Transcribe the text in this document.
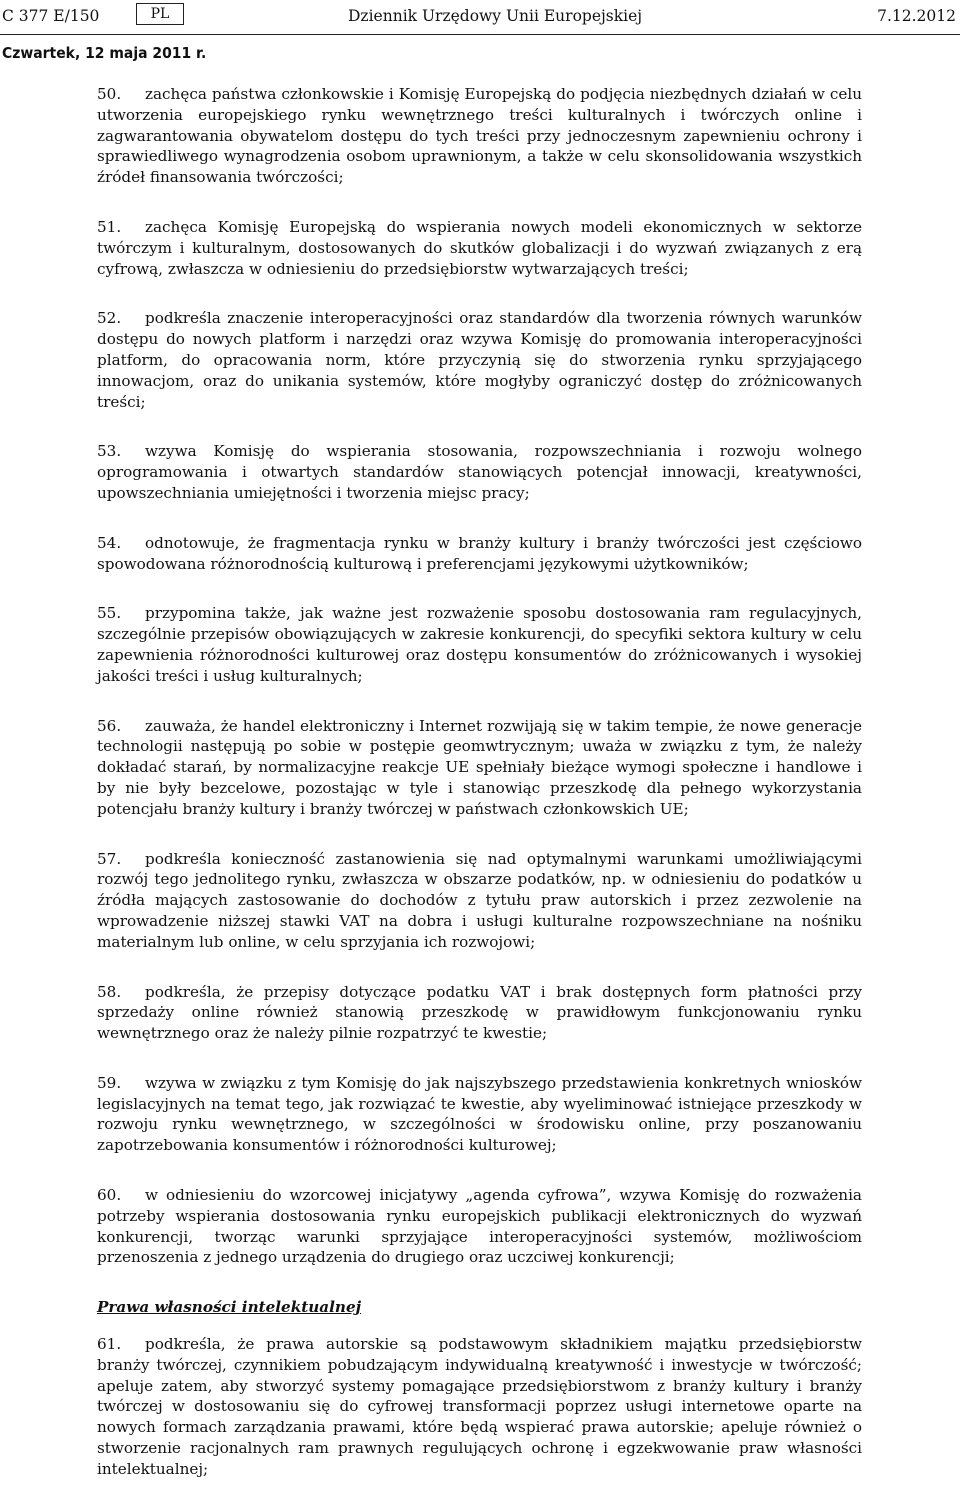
C 377 E/150	PL	Dziennik Urzędowy Unii Europejskiej	7.12.2012
Czwartek, 12 maja 2011 r.

50. zachęca państwa członkowskie i Komisję Europejską do podjęcia niezbędnych działań w celu utworzenia europejskiego rynku wewnętrznego treści kulturalnych i twórczych online i zagwarantowania obywatelom dostępu do tych treści przy jednoczesnym zapewnieniu ochrony i sprawiedliwego wynagrodzenia osobom uprawnionym, a także w celu skonsolidowania wszystkich źródeł finansowania twórczości;

51. zachęca Komisję Europejską do wspierania nowych modeli ekonomicznych w sektorze twórczym i kulturalnym, dostosowanych do skutków globalizacji i do wyzwań związanych z erą cyfrową, zwłaszcza w odniesieniu do przedsiębiorstw wytwarzających treści;

52. podkreśla znaczenie interoperacyjności oraz standardów dla tworzenia równych warunków dostępu do nowych platform i narzędzi oraz wzywa Komisję do promowania interoperacyjności platform, do opracowania norm, które przyczynią się do stworzenia rynku sprzyjającego innowacjom, oraz do unikania systemów, które mogłyby ograniczyć dostęp do zróżnicowanych treści;

53. wzywa Komisję do wspierania stosowania, rozpowszechniania i rozwoju wolnego oprogramowania i otwartych standardów stanowiących potencjał innowacji, kreatywności, upowszechniania umiejętności i tworzenia miejsc pracy;

54. odnotowuje, że fragmentacja rynku w branży kultury i branży twórczości jest częściowo spowodowana różnorodnością kulturową i preferencjami językowymi użytkowników;

55. przypomina także, jak ważne jest rozważenie sposobu dostosowania ram regulacyjnych, szczególnie przepisów obowiązujących w zakresie konkurencji, do specyfiki sektora kultury w celu zapewnienia różnorodności kulturowej oraz dostępu konsumentów do zróżnicowanych i wysokiej jakości treści i usług kulturalnych;

56. zauważa, że handel elektroniczny i Internet rozwijają się w takim tempie, że nowe generacje technologii następują po sobie w postępie geomwtrycznym; uważa w związku z tym, że należy dokładać starań, by normalizacyjne reakcje UE spełniały bieżące wymogi społeczne i handlowe i by nie były bezcelowe, pozostając w tyle i stanowiąc przeszkodę dla pełnego wykorzystania potencjału branży kultury i branży twórczej w państwach członkowskich UE;

57. podkreśla konieczność zastanowienia się nad optymalnymi warunkami umożliwiającymi rozwój tego jednolitego rynku, zwłaszcza w obszarze podatków, np. w odniesieniu do podatków u źródła mających zastosowanie do dochodów z tytułu praw autorskich i przez zezwolenie na wprowadzenie niższej stawki VAT na dobra i usługi kulturalne rozpowszechniane na nośniku materialnym lub online, w celu sprzyjania ich rozwojowi;

58. podkreśla, że przepisy dotyczące podatku VAT i brak dostępnych form płatności przy sprzedaży online również stanowią przeszkodę w prawidłowym funkcjonowaniu rynku wewnętrznego oraz że należy pilnie rozpatrzyć te kwestie;

59. wzywa w związku z tym Komisję do jak najszybszego przedstawienia konkretnych wniosków legislacyjnych na temat tego, jak rozwiązać te kwestie, aby wyeliminować istniejące przeszkody w rozwoju rynku wewnętrznego, w szczególności w środowisku online, przy poszanowaniu zapotrzebowania konsumentów i różnorodności kulturowej;

60. w odniesieniu do wzorcowej inicjatywy „agenda cyfrowa”, wzywa Komisję do rozważenia potrzeby wspierania dostosowania rynku europejskich publikacji elektronicznych do wyzwań konkurencji, tworząc warunki sprzyjające interoperacyjności systemów, możliwościom przenoszenia z jednego urządzenia do drugiego oraz uczciwej konkurencji;

Prawa własności intelektualnej

61. podkreśla, że prawa autorskie są podstawowym składnikiem majątku przedsiębiorstw branży twórczej, czynnikiem pobudzającym indywidualną kreatywność i inwestycje w twórczość; apeluje zatem, aby stworzyć systemy pomagające przedsiębiorstwom z branży kultury i branży twórczej w dostosowaniu się do cyfrowej transformacji poprzez usługi internetowe oparte na nowych formach zarządzania prawami, które będą wspierać prawa autorskie; apeluje również o stworzenie racjonalnych ram prawnych regulujących ochronę i egzekwowanie praw własności intelektualnej;
